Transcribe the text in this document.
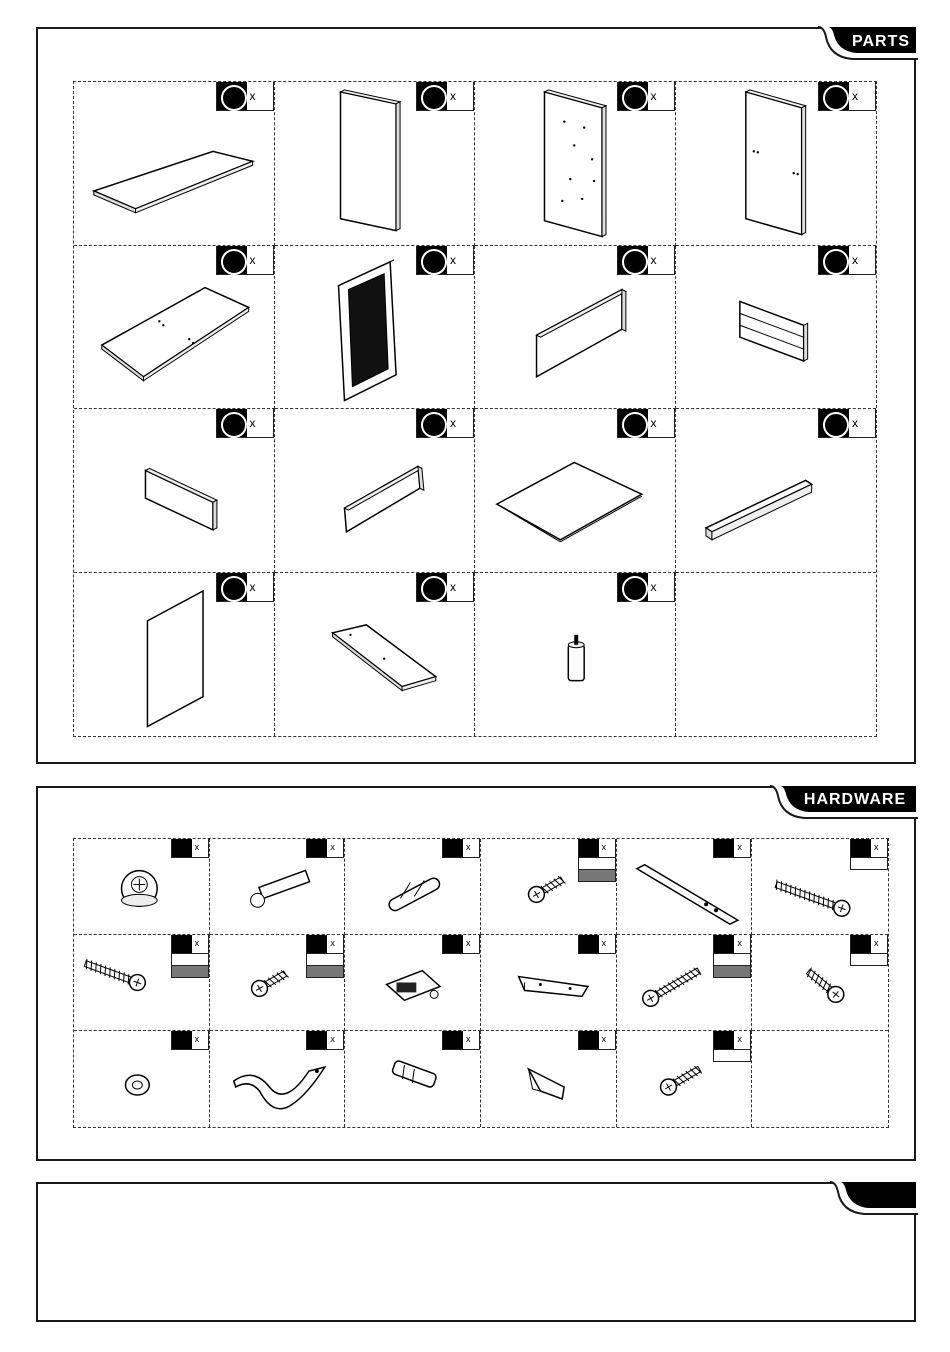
PARTS
x	x	x	x
x	x	x	x
x	x	x	x
x	x	x
HARDWARE
x	x	x	x	x	x
x	x	x	x	x	x
x	x	x	x	x
